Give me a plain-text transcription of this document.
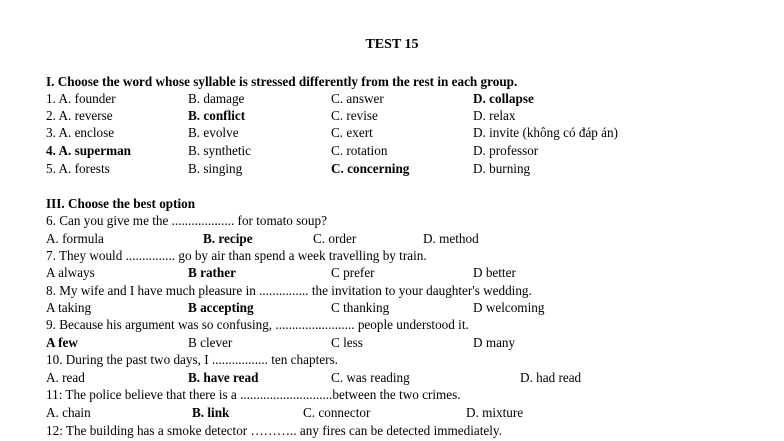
TEST 15
I. Choose the word whose syllable is stressed differently from the rest in each group.
1. A. founder	B. damage	C. answer	D. collapse
2. A. reverse	B. conflict	C. revise	D. relax
3. A. enclose	B. evolve	C. exert	D. invite (không có đáp án)
4. A. superman	B. synthetic	C. rotation	D. professor
5. A. forests	B. singing	C. concerning	D. burning
III. Choose the best option
6. Can you give me the ................... for tomato soup?
A. formula	B. recipe	C. order	D. method
7. They would ............... go by air than spend a week travelling by train.
A always	B rather	C prefer	D better
8. My wife and I have much pleasure in ............... the invitation to your daughter's wedding.
A taking	B accepting	C thanking	D welcoming
9. Because his argument was so confusing, ........................ people understood it.
A few	B clever	C less	D many
10. During the past two days, I ................. ten chapters.
A. read	B. have read	C. was reading	D. had read
11: The police believe that there is a ............................between the two crimes.
A. chain	B. link	C. connector	D. mixture
12: The building has a smoke detector ……….. any fires can be detected immediately.
